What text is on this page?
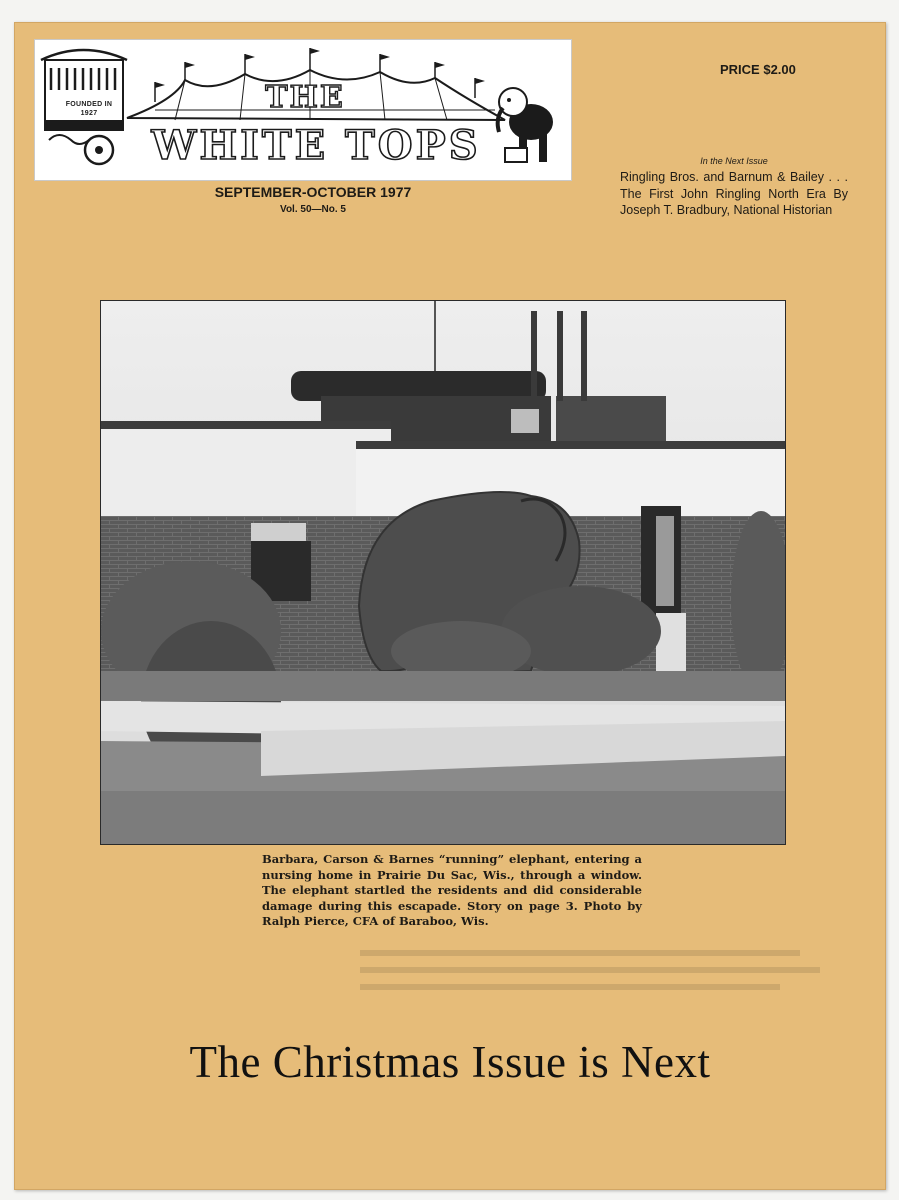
FOUNDED IN 1927	THE
WHITE TOPS
SEPTEMBER-OCTOBER 1977
Vol. 50—No. 5
PRICE $2.00
In the Next Issue
Ringling Bros. and Barnum & Bailey . . . The First John Ringling North Era By Joseph T. Bradbury, National Historian
Barbara, Carson & Barnes “running” elephant, entering a nursing home in Prairie Du Sac, Wis., through a window. The elephant startled the residents and did considerable damage during this escapade. Story on page 3. Photo by Ralph Pierce, CFA of Baraboo, Wis.
The Christmas Issue is Next
